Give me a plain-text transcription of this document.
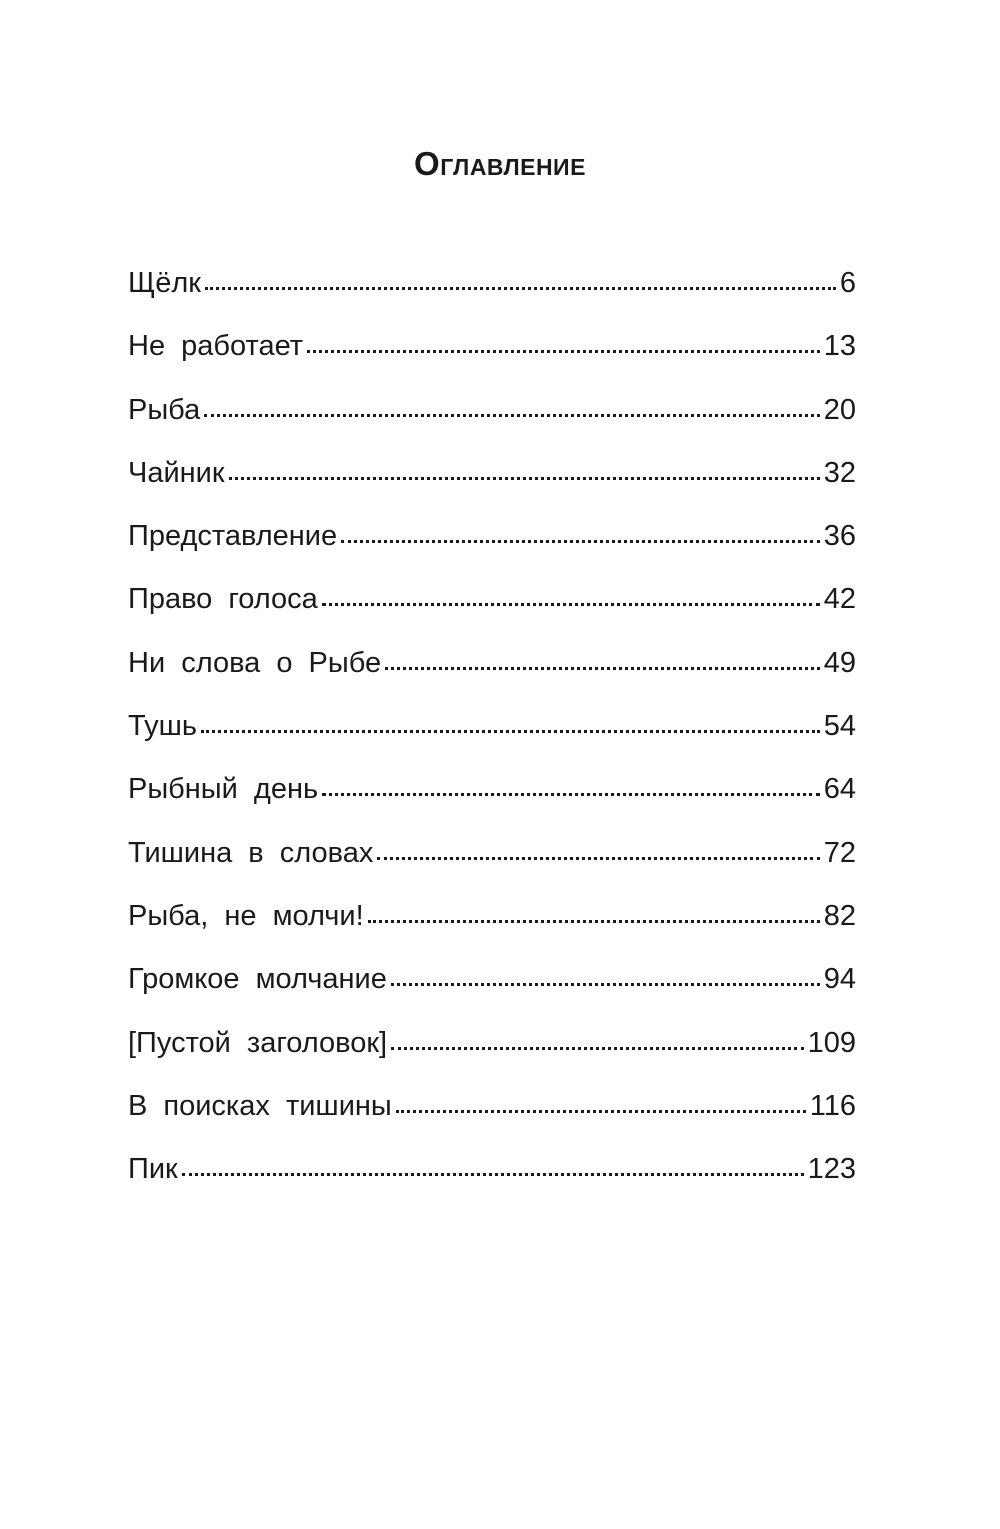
Оглавление
Щёлк	6
Не работает	13
Рыба	20
Чайник	32
Представление	36
Право голоса	42
Ни слова о Рыбе	49
Тушь	54
Рыбный день	64
Тишина в словах	72
Рыба, не молчи!	82
Громкое молчание	94
[Пустой заголовок]	109
В поисках тишины	116
Пик	123
